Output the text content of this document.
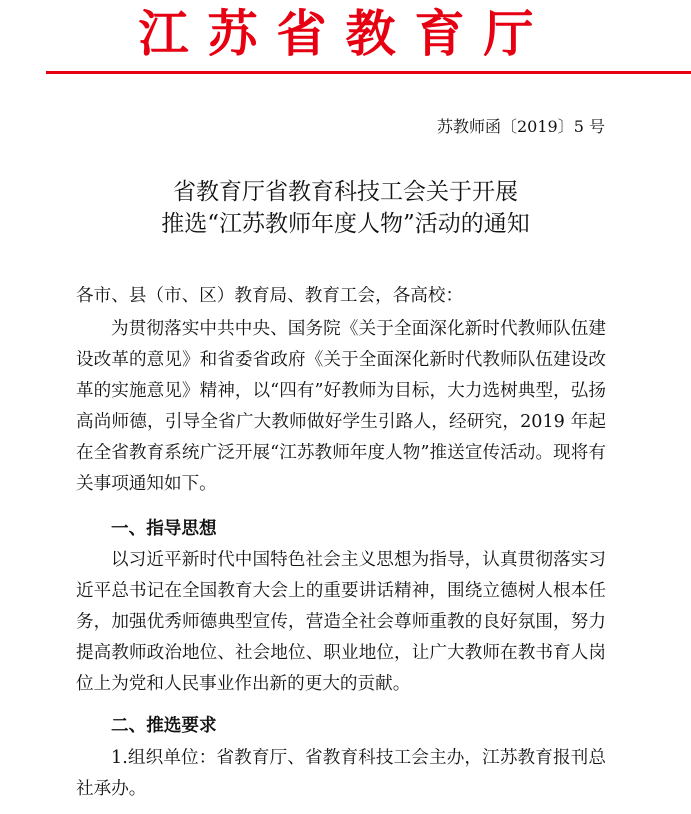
江苏省教育厅
苏教师函〔2019〕5 号
省教育厅省教育科技工会关于开展
推选“江苏教师年度人物”活动的通知
各市、县（市、区）教育局、教育工会，各高校：
为贯彻落实中共中央、国务院《关于全面深化新时代教师队伍建设改革的意见》和省委省政府《关于全面深化新时代教师队伍建设改革的实施意见》精神，以“四有”好教师为目标，大力选树典型，弘扬高尚师德，引导全省广大教师做好学生引路人，经研究，2019 年起在全省教育系统广泛开展“江苏教师年度人物”推送宣传活动。现将有关事项通知如下。
一、指导思想
以习近平新时代中国特色社会主义思想为指导，认真贯彻落实习近平总书记在全国教育大会上的重要讲话精神，围绕立德树人根本任务，加强优秀师德典型宣传，营造全社会尊师重教的良好氛围，努力提高教师政治地位、社会地位、职业地位，让广大教师在教书育人岗位上为党和人民事业作出新的更大的贡献。
二、推选要求
1.组织单位：省教育厅、省教育科技工会主办，江苏教育报刊总社承办。
